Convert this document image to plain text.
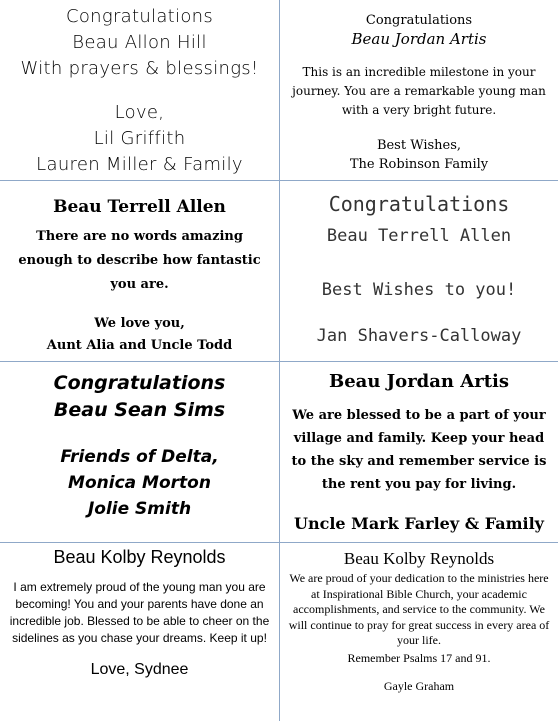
Congratulations

Beau Allon Hill

With prayers & blessings!

Love,

Lil Griffith

Lauren Miller & Family

Congratulations

Beau Jordan Artis

This is an incredible milestone in your journey. You are a remarkable young man with a very bright future.

Best Wishes,

The Robinson Family

Beau Terrell Allen

There are no words amazing enough to describe how fantastic you are.

We love you,

Aunt Alia and Uncle Todd

Congratulations

Beau Terrell Allen

Best Wishes to you!

Jan Shavers-Calloway

Congratulations

Beau Sean Sims

Friends of Delta,

Monica Morton

Jolie Smith

Beau Jordan Artis

We are blessed to be a part of your village and family. Keep your head to the sky and remember service is the rent you pay for living.

Uncle Mark Farley & Family

Beau Kolby Reynolds

I am extremely proud of the young man you are becoming! You and your parents have done an incredible job. Blessed to be able to cheer on the sidelines as you chase your dreams. Keep it up!

Love, Sydnee

Beau Kolby Reynolds

We are proud of your dedication to the ministries here at Inspirational Bible Church, your academic accomplishments, and service to the community. We will continue to pray for great success in every area of your life.

Remember Psalms 17 and 91.

Gayle Graham
